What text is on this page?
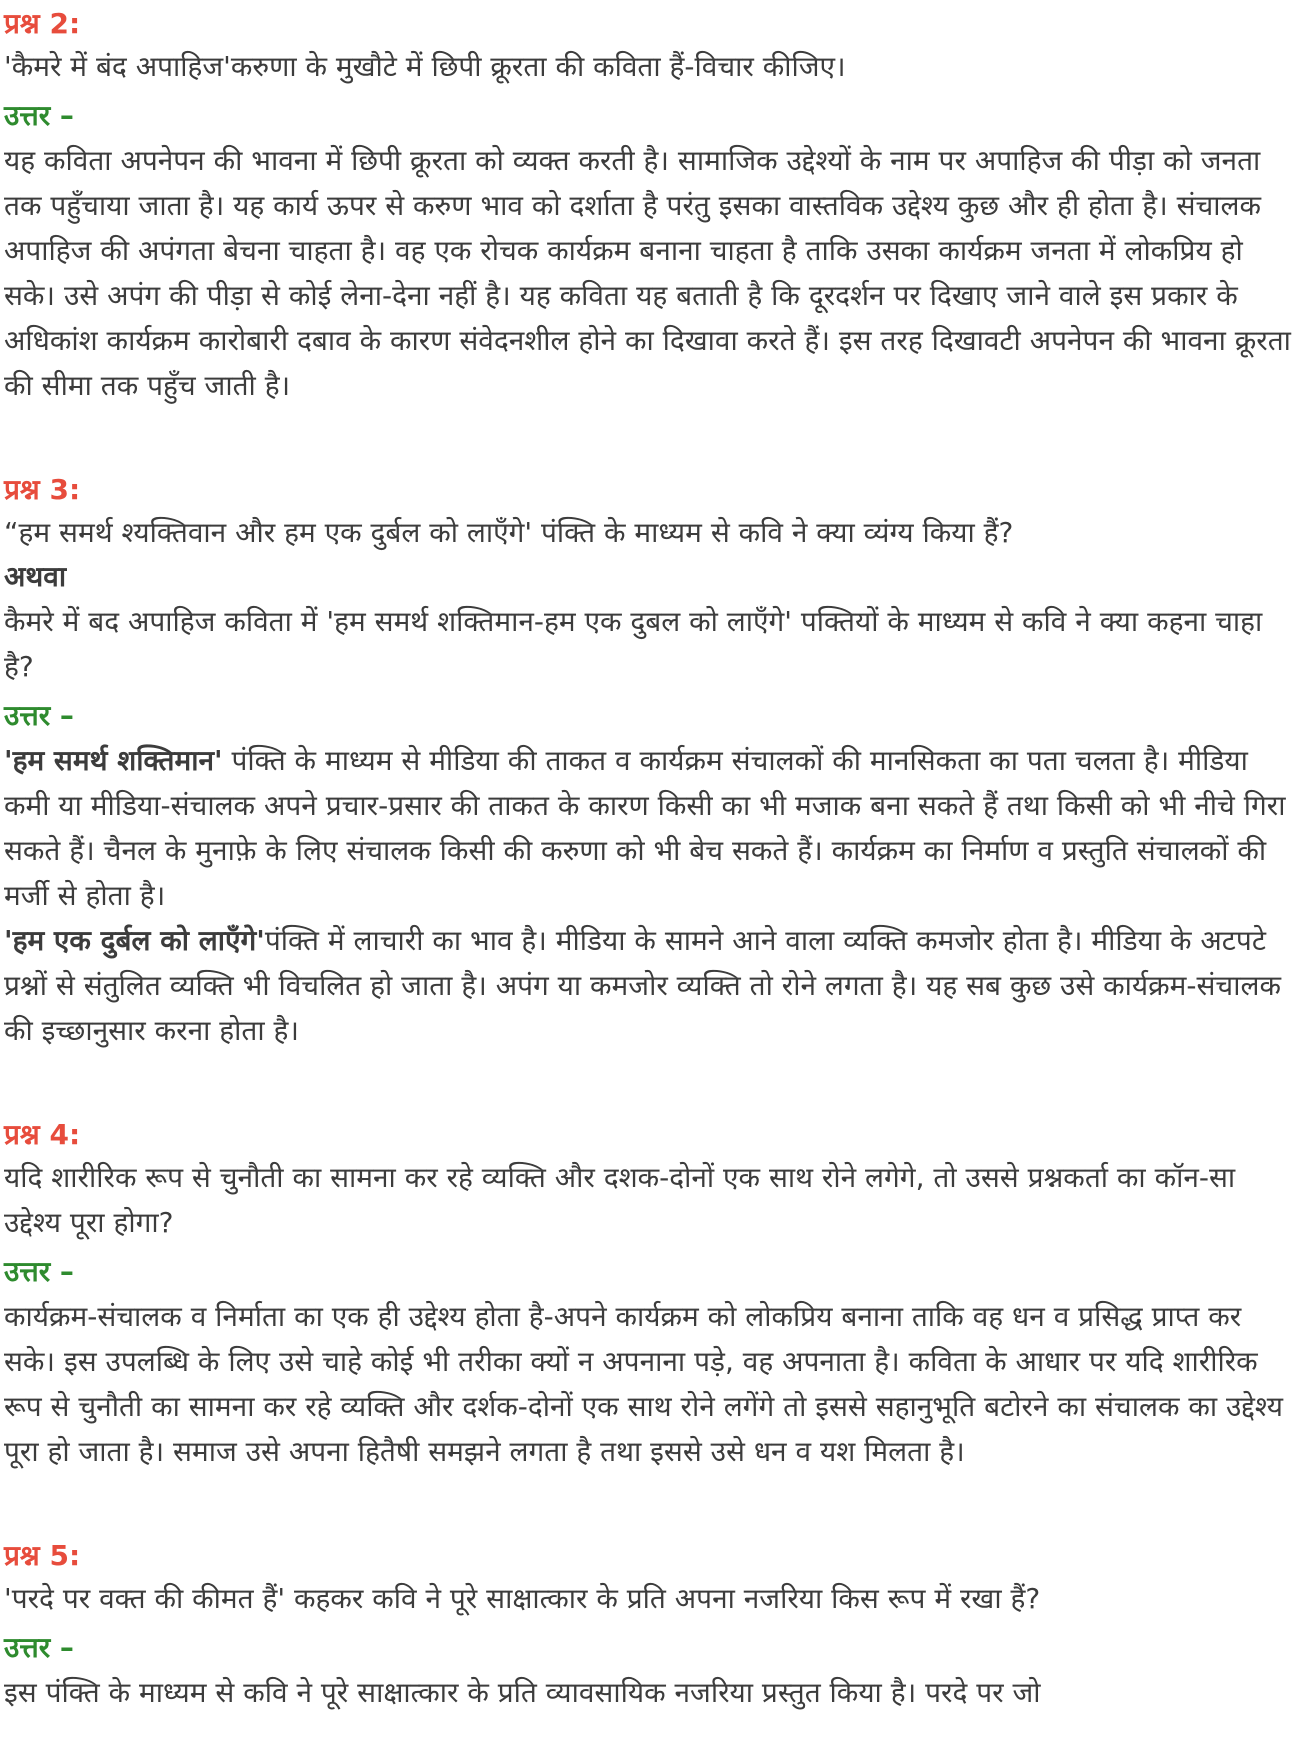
प्रश्न 2:

'कैमरे में बंद अपाहिज'करुणा के मुखौटे में छिपी क्रूरता की कविता हैं-विचार कीजिए।

उत्तर –

यह कविता अपनेपन की भावना में छिपी क्रूरता को व्यक्त करती है। सामाजिक उद्देश्यों के नाम पर अपाहिज की पीड़ा को जनता तक पहुँचाया जाता है। यह कार्य ऊपर से करुण भाव को दर्शाता है परंतु इसका वास्तविक उद्देश्य कुछ और ही होता है। संचालक अपाहिज की अपंगता बेचना चाहता है। वह एक रोचक कार्यक्रम बनाना चाहता है ताकि उसका कार्यक्रम जनता में लोकप्रिय हो सके। उसे अपंग की पीड़ा से कोई लेना-देना नहीं है। यह कविता यह बताती है कि दूरदर्शन पर दिखाए जाने वाले इस प्रकार के अधिकांश कार्यक्रम कारोबारी दबाव के कारण संवेदनशील होने का दिखावा करते हैं। इस तरह दिखावटी अपनेपन की भावना क्रूरता की सीमा तक पहुँच जाती है।

प्रश्न 3:

“हम समर्थ श्यक्तिवान और हम एक दुर्बल को लाएँगे' पंक्ति के माध्यम से कवि ने क्या व्यंग्य किया हैं?

अथवा

कैमरे में बद अपाहिज कविता में 'हम समर्थ शक्तिमान-हम एक दुबल को लाएँगे' पक्तियों के माध्यम से कवि ने क्या कहना चाहा है?

उत्तर –

'हम समर्थ शक्तिमान' पंक्ति के माध्यम से मीडिया की ताकत व कार्यक्रम संचालकों की मानसिकता का पता चलता है। मीडिया कमी या मीडिया-संचालक अपने प्रचार-प्रसार की ताकत के कारण किसी का भी मजाक बना सकते हैं तथा किसी को भी नीचे गिरा सकते हैं। चैनल के मुनाफ़े के लिए संचालक किसी की करुणा को भी बेच सकते हैं। कार्यक्रम का निर्माण व प्रस्तुति संचालकों की मर्जी से होता है।

'हम एक दुर्बल को लाएँगे'पंक्ति में लाचारी का भाव है। मीडिया के सामने आने वाला व्यक्ति कमजोर होता है। मीडिया के अटपटे प्रश्नों से संतुलित व्यक्ति भी विचलित हो जाता है। अपंग या कमजोर व्यक्ति तो रोने लगता है। यह सब कुछ उसे कार्यक्रम-संचालक की इच्छानुसार करना होता है।

प्रश्न 4:

यदि शारीरिक रूप से चुनौती का सामना कर रहे व्यक्ति और दशक-दोनों एक साथ रोने लगेगे, तो उससे प्रश्नकर्ता का कॉन-सा उद्देश्य पूरा होगा?

उत्तर –

कार्यक्रम-संचालक व निर्माता का एक ही उद्देश्य होता है-अपने कार्यक्रम को लोकप्रिय बनाना ताकि वह धन व प्रसिद्ध प्राप्त कर सके। इस उपलब्धि के लिए उसे चाहे कोई भी तरीका क्यों न अपनाना पड़े, वह अपनाता है। कविता के आधार पर यदि शारीरिक रूप से चुनौती का सामना कर रहे व्यक्ति और दर्शक-दोनों एक साथ रोने लगेंगे तो इससे सहानुभूति बटोरने का संचालक का उद्देश्य पूरा हो जाता है। समाज उसे अपना हितैषी समझने लगता है तथा इससे उसे धन व यश मिलता है।

प्रश्न 5:

'परदे पर वक्त की कीमत हैं' कहकर कवि ने पूरे साक्षात्कार के प्रति अपना नजरिया किस रूप में रखा हैं?

उत्तर –

इस पंक्ति के माध्यम से कवि ने पूरे साक्षात्कार के प्रति व्यावसायिक नजरिया प्रस्तुत किया है। परदे पर जो
